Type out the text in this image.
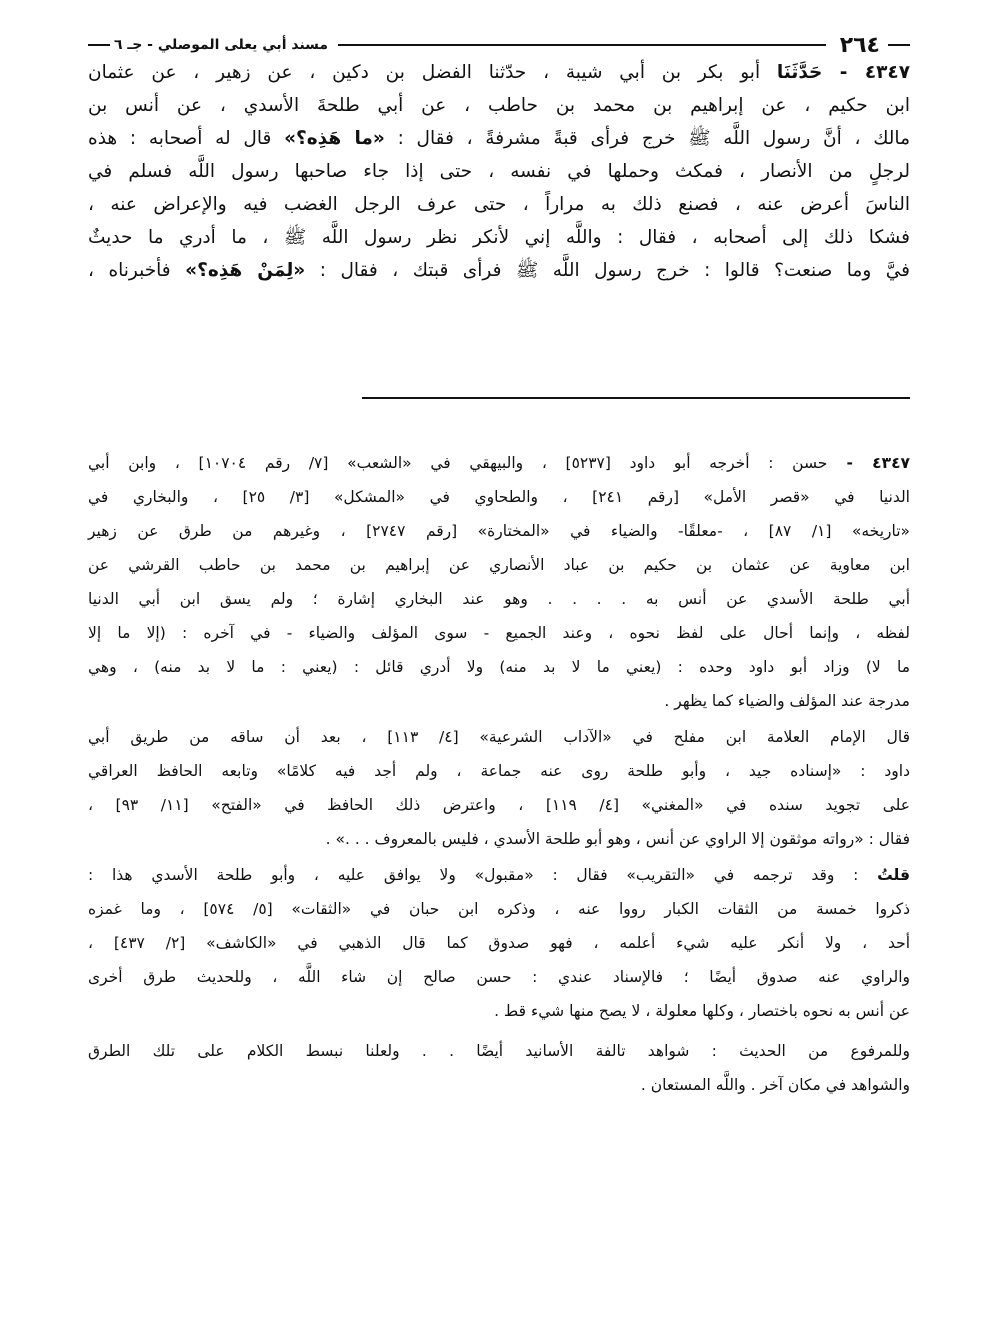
٢٦٤
مسند أبي يعلى الموصلي - جـ ٦
٤٣٤٧ - حَدَّثَنَا أبو بكر بن أبي شيبة ، حدّثنا الفضل بن دكين ، عن زهير ، عن عثمان
ابن حكيم ، عن إبراهيم بن محمد بن حاطب ، عن أبي طلحةَ الأسدي ، عن أنس بن
مالك ، أنَّ رسول اللَّه ﷺ خرج فرأى قبةً مشرفةً ، فقال : «ما هَذِه؟» قال له أصحابه : هذه
لرجلٍ من الأنصار ، فمكث وحملها في نفسه ، حتى إذا جاء صاحبها رسول اللَّه فسلم في
الناسَ أعرض عنه ، فصنع ذلك به مراراً ، حتى عرف الرجل الغضب فيه والإعراض عنه ،
فشكا ذلك إلى أصحابه ، فقال : واللَّه إني لأنكر نظر رسول اللَّه ﷺ ، ما أدري ما حديثٌ
فيَّ وما صنعت؟ قالوا : خرج رسول اللَّه ﷺ فرأى قبتك ، فقال : «لِمَنْ هَذِه؟» فأخبرناه ،
٤٣٤٧ - حسن : أخرجه أبو داود [٥٢٣٧] ، والبيهقي في «الشعب» [٧/ رقم ١٠٧٠٤] ، وابن أبي
الدنيا في «قصر الأمل» [رقم ٢٤١] ، والطحاوي في «المشكل» [٣/ ٢٥] ، والبخاري في
«تاريخه» [١/ ٨٧] ، -معلقًا- والضياء في «المختارة» [رقم ٢٧٤٧] ، وغيرهم من طرق عن زهير
ابن معاوية عن عثمان بن حكيم بن عباد الأنصاري عن إبراهيم بن محمد بن حاطب القرشي عن
أبي طلحة الأسدي عن أنس به . . . . وهو عند البخاري إشارة ؛ ولم يسق ابن أبي الدنيا
لفظه ، وإنما أحال على لفظ نحوه ، وعند الجميع - سوى المؤلف والضياء - في آخره : (إلا ما إلا
ما لا) وزاد أبو داود وحده : (يعني ما لا بد منه) ولا أدري قائل : (يعني : ما لا بد منه) ، وهي
مدرجة عند المؤلف والضياء كما يظهر .
قال الإمام العلامة ابن مفلح في «الآداب الشرعية» [٤/ ١١٣] ، بعد أن ساقه من طريق أبي
داود : «إسناده جيد ، وأبو طلحة روى عنه جماعة ، ولم أجد فيه كلامًا» وتابعه الحافظ العراقي
على تجويد سنده في «المغني» [٤/ ١١٩] ، واعترض ذلك الحافظ في «الفتح» [١١/ ٩٣] ،
فقال : «رواته موثقون إلا الراوي عن أنس ، وهو أبو طلحة الأسدي ، فليس بالمعروف . . .» .
قلتُ : وقد ترجمه في «التقريب» فقال : «مقبول» ولا يوافق عليه ، وأبو طلحة الأسدي هذا :
ذكروا خمسة من الثقات الكبار رووا عنه ، وذكره ابن حبان في «الثقات» [٥/ ٥٧٤] ، وما غمزه
أحد ، ولا أنكر عليه شيء أعلمه ، فهو صدوق كما قال الذهبي في «الكاشف» [٢/ ٤٣٧] ،
والراوي عنه صدوق أيضًا ؛ فالإسناد عندي : حسن صالح إن شاء اللَّه ، وللحديث طرق أخرى
عن أنس به نحوه باختصار ، وكلها معلولة ، لا يصح منها شيء قط .
وللمرفوع من الحديث : شواهد تالفة الأسانيد أيضًا . . ولعلنا نبسط الكلام على تلك الطرق
والشواهد في مكان آخر . واللَّه المستعان .
